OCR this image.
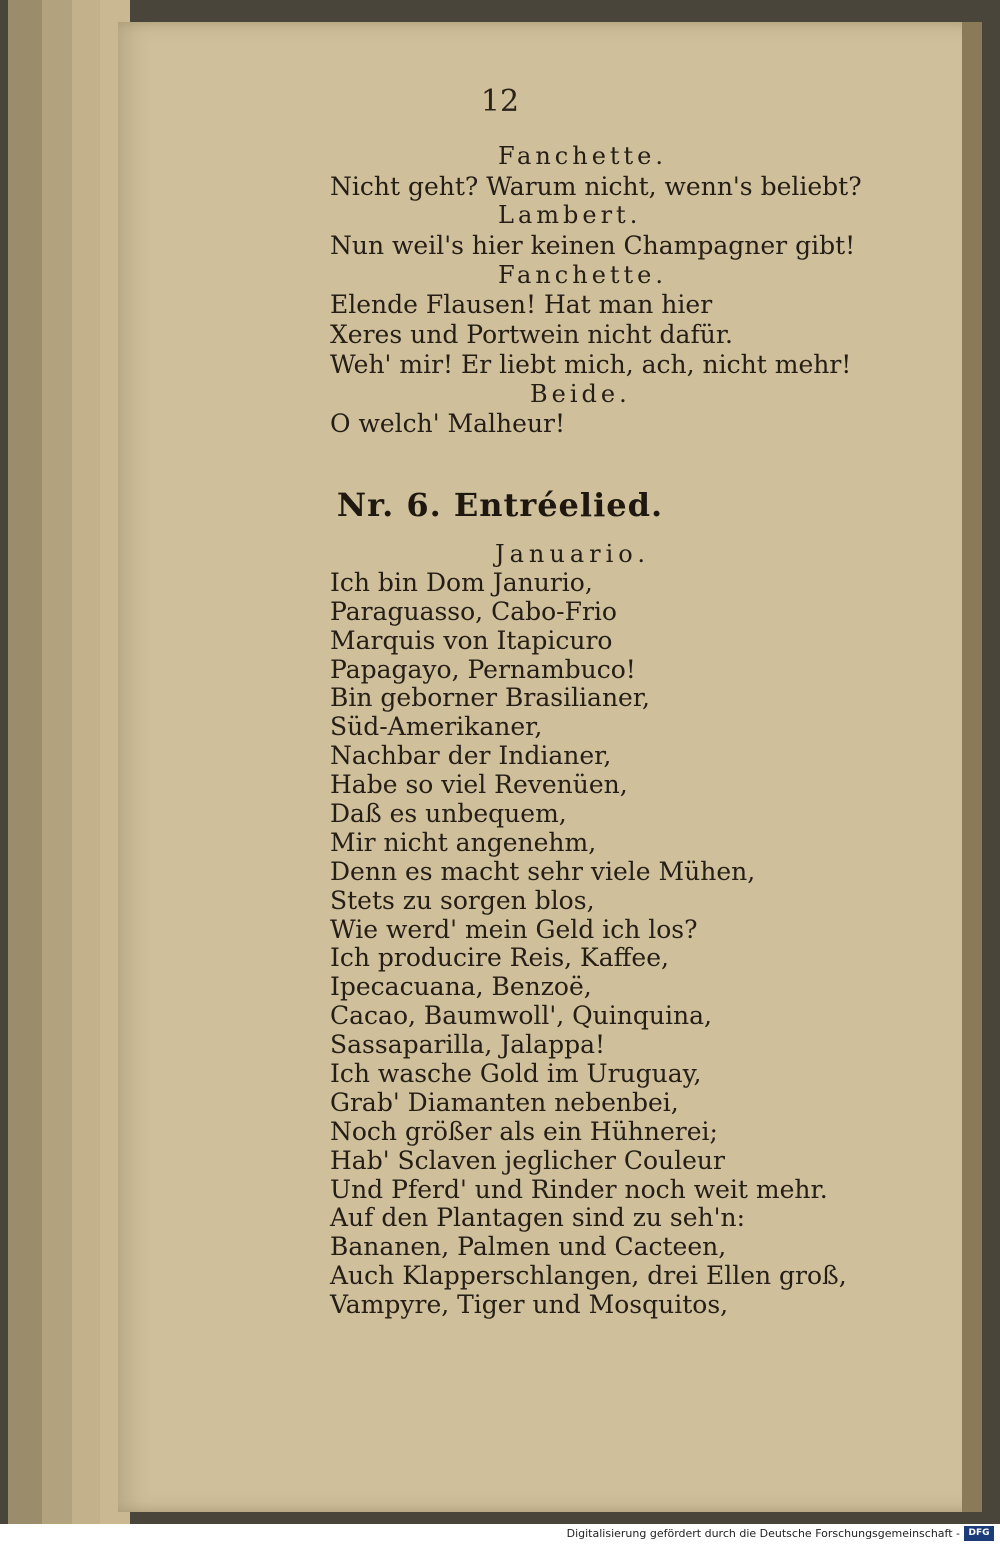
12
Fanchette.
Nicht geht? Warum nicht, wenn's beliebt?
Lambert.
Nun weil's hier keinen Champagner gibt!
Fanchette.
Elende Flausen! Hat man hier
Xeres und Portwein nicht dafür.
Weh' mir! Er liebt mich, ach, nicht mehr!
Beide.
O welch' Malheur!
Nr. 6. Entréelied.
Januario.
Ich bin Dom Janurio,
Paraguasso, Cabo-Frio
Marquis von Itapicuro
Papagayo, Pernambuco!
Bin geborner Brasilianer,
Süd-Amerikaner,
Nachbar der Indianer,
Habe so viel Revenüen,
Daß es unbequem,
Mir nicht angenehm,
Denn es macht sehr viele Mühen,
Stets zu sorgen blos,
Wie werd' mein Geld ich los?
Ich producire Reis, Kaffee,
Ipecacuana, Benzoë,
Cacao, Baumwoll', Quinquina,
Sassaparilla, Jalappa!
Ich wasche Gold im Uruguay,
Grab' Diamanten nebenbei,
Noch größer als ein Hühnerei;
Hab' Sclaven jeglicher Couleur
Und Pferd' und Rinder noch weit mehr.
Auf den Plantagen sind zu seh'n:
Bananen, Palmen und Cacteen,
Auch Klapperschlangen, drei Ellen groß,
Vampyre, Tiger und Mosquitos,
Digitalisierung gefördert durch die Deutsche Forschungsgemeinschaft - DFG
